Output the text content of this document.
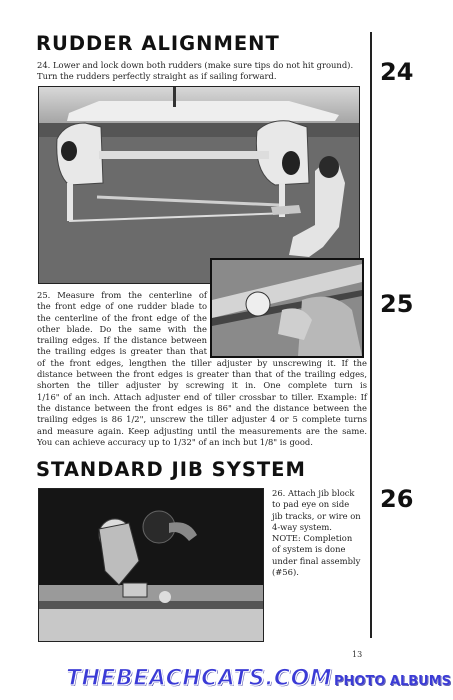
RUDDER ALIGNMENT
24. Lower and lock down both rudders (make sure tips do not hit ground).
Turn the rudders perfectly straight as if sailing forward.	24
25
25. Measure from the centerline of
the front edge of one rudder blade to
the centerline of the front edge of the
other blade. Do the same with the
trailing edges. If the distance between
the trailing edges is greater than that
of the front edges, lengthen the tiller adjuster by unscrewing it. If the
distance between the front edges is greater than that of the trailing edges,
shorten the tiller adjuster by screwing it in. One complete turn is
1/16" of an inch. Attach adjuster end of tiller crossbar to tiller. Example: If
the distance between the front edges is 86" and the distance between the
trailing edges is 86 1/2", unscrew the tiller adjuster 4 or 5 complete turns
and measure again. Keep adjusting until the measurements are the same.
You can achieve accuracy up to 1/32" of an inch but 1/8" is good.
STANDARD JIB SYSTEM
26
26. Attach jib block
to pad eye on side
jib tracks, or wire on
4-way system.
NOTE: Completion
of system is done
under final assembly
(#56).
13
THEBEACHCATS.COM PHOTO ALBUMS
